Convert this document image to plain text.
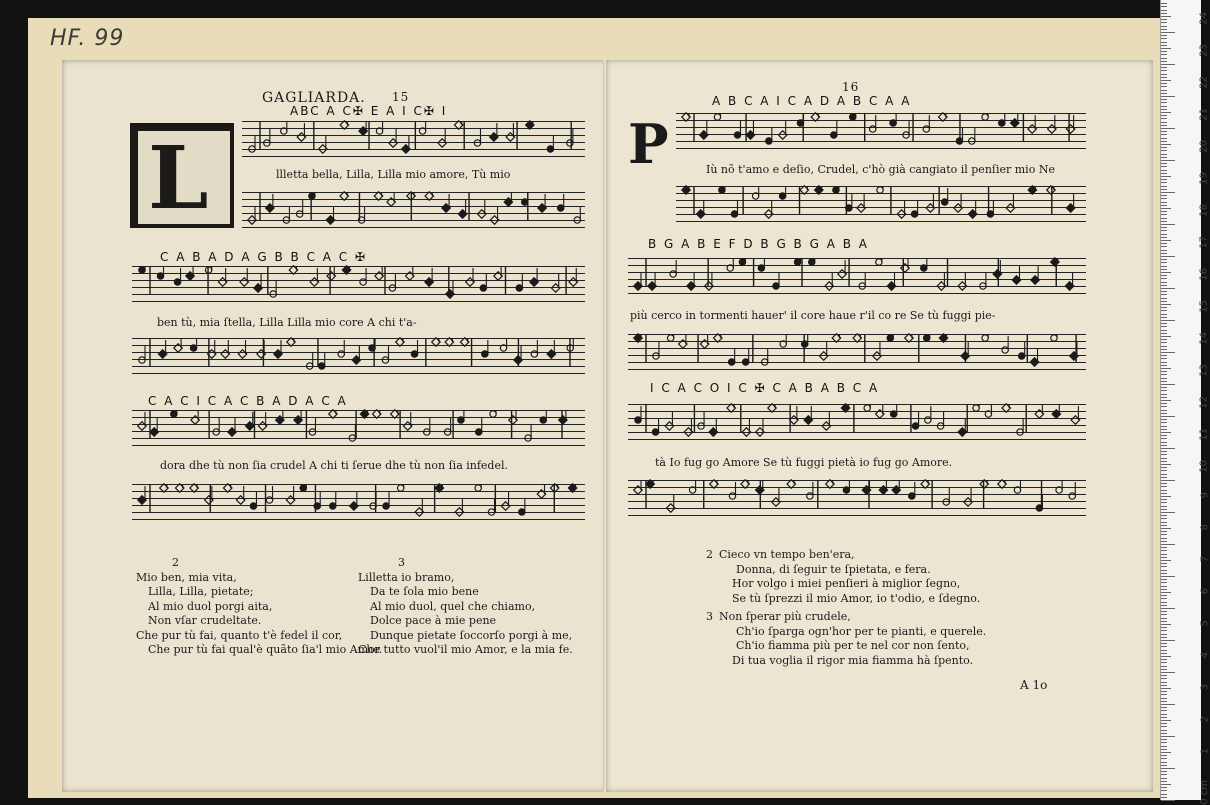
HF. 99
GAGLIARDA. 15
L
ABC A C✠ E A I C✠ I
llletta bella, Lilla, Lilla mio amore, Tù mio
C A B A D A G B B C A C ✠
ben tù, mia ſtella, Lilla Lilla mio core A chi t'a-
C A C I C A C B A D A C A
dora dhe tù non ſia crudel A chi ti ſerue dhe tù non ſia infedel.
2
Mio ben, mia vita,
Lilla, Lilla, pietate;
Al mio duol porgi aita,
Non vſar crudeltate.
Che pur tù fai, quanto t'è fedel il cor,
Che pur tù fai qual'è quãto ſia'l mio Amor.
3
Lilletta io bramo,
Da te ſola mio bene
Al mio duol, quel che chiamo,
Dolce pace à mie pene
Dunque pietate ſoccorſo porgi à me,
Che tutto vuol'il mio Amor, e la mia fe.
16
P
A B C A I C A D A B C A A
Iù nõ t'amo e deſio, Crudel, c'hò già cangiato il penſier mio Ne
B G A B E F D B G B G A B A
più cerco in tormenti hauer' il core haue r'il co re Se tù fuggi pie-
I C A C O I C ✠ C A B A B C A
tà Io fug go Amore Se tù fuggi pietà io fug go Amore.
2 Cieco vn tempo ben'era,
Donna, di ſeguir te ſpietata, e fera.
Hor volgo i miei penſieri à miglior ſegno,
Se tù ſprezzi il mio Amor, io t'odio, e ſdegno.
3 Non ſperar più crudele,
Ch'io ſparga ogn'hor per te pianti, e querele.
Ch'io fiamma più per te nel cor non ſento,
Di tua voglia il rigor mia fiamma hà ſpento.
A 1o
0 cm
1
2
3
4
5
6
7
8
9
10
11
12
13
14
15
16
17
18
19
20
21
22
23
24
